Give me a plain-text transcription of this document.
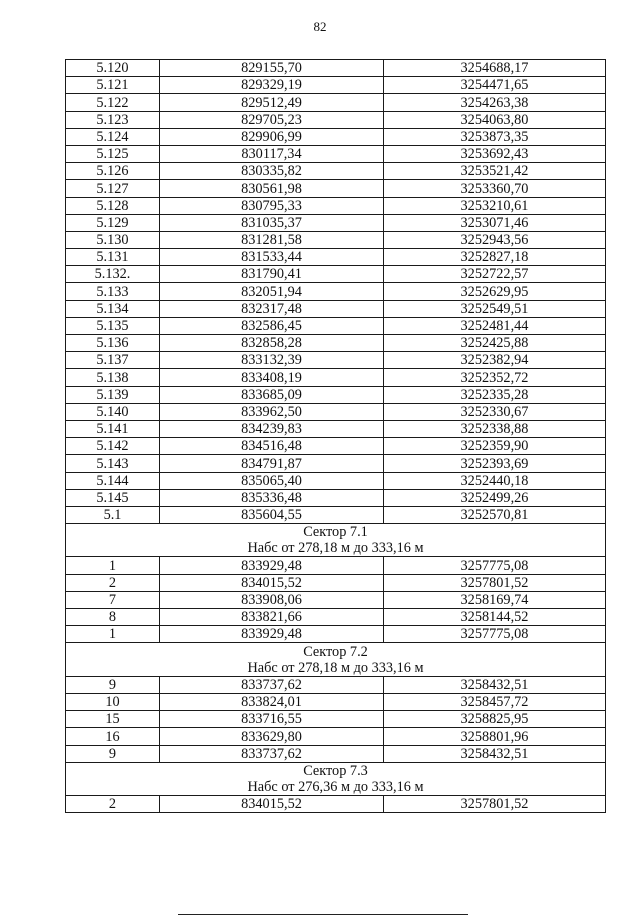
82
5.120	829155,70	3254688,17
5.121	829329,19	3254471,65
5.122	829512,49	3254263,38
5.123	829705,23	3254063,80
5.124	829906,99	3253873,35
5.125	830117,34	3253692,43
5.126	830335,82	3253521,42
5.127	830561,98	3253360,70
5.128	830795,33	3253210,61
5.129	831035,37	3253071,46
5.130	831281,58	3252943,56
5.131	831533,44	3252827,18
5.132.	831790,41	3252722,57
5.133	832051,94	3252629,95
5.134	832317,48	3252549,51
5.135	832586,45	3252481,44
5.136	832858,28	3252425,88
5.137	833132,39	3252382,94
5.138	833408,19	3252352,72
5.139	833685,09	3252335,28
5.140	833962,50	3252330,67
5.141	834239,83	3252338,88
5.142	834516,48	3252359,90
5.143	834791,87	3252393,69
5.144	835065,40	3252440,18
5.145	835336,48	3252499,26
5.1	835604,55	3252570,81
Сектор 7.1		
Набс от 278,18 м до 333,16 м		
1	833929,48	3257775,08
2	834015,52	3257801,52
7	833908,06	3258169,74
8	833821,66	3258144,52
1	833929,48	3257775,08
Сектор 7.2		
Набс от 278,18 м до 333,16 м		
9	833737,62	3258432,51
10	833824,01	3258457,72
15	833716,55	3258825,95
16	833629,80	3258801,96
9	833737,62	3258432,51
Сектор 7.3		
Набс от 276,36 м до 333,16 м		
2	834015,52	3257801,52
